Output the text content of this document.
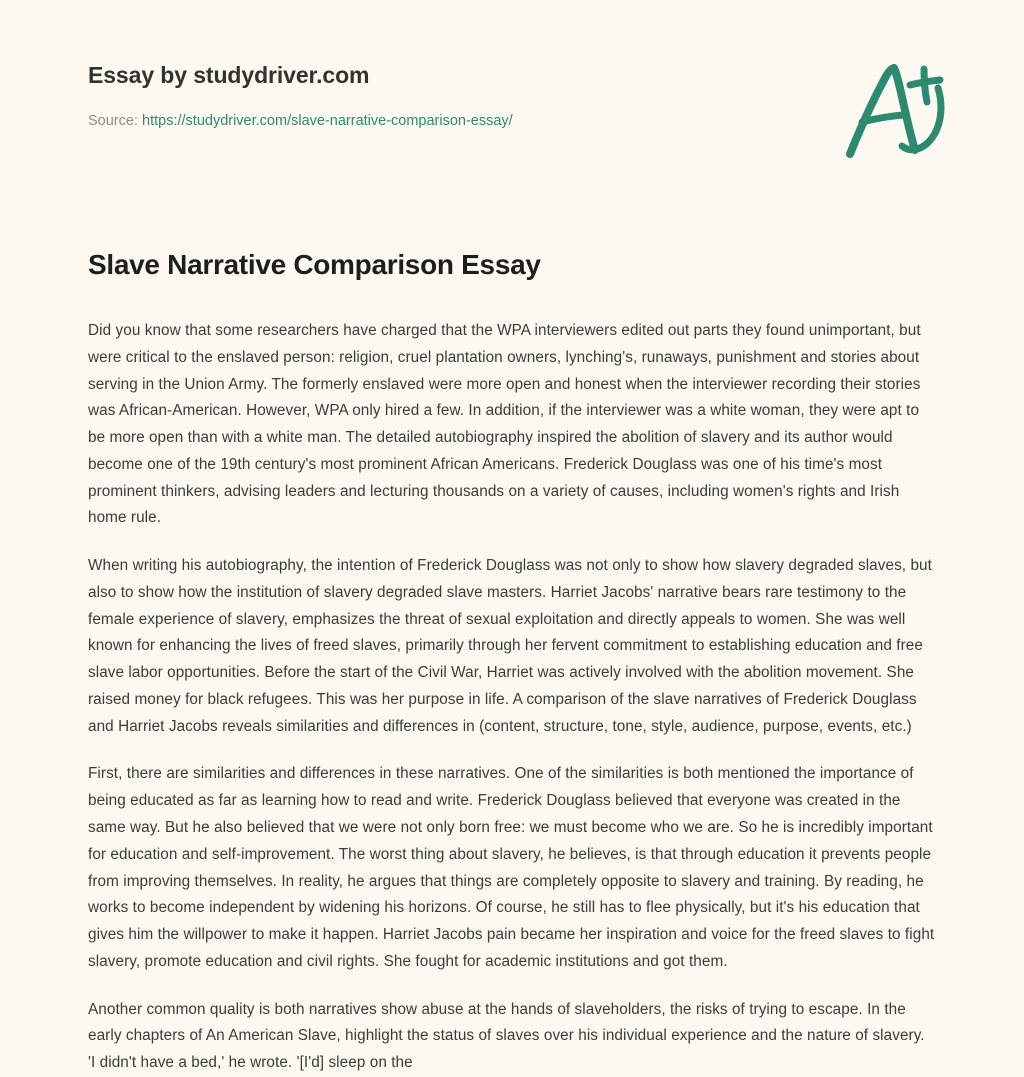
Essay by studydriver.com
Source: https://studydriver.com/slave-narrative-comparison-essay/
Slave Narrative Comparison Essay

Did you know that some researchers have charged that the WPA interviewers edited out parts they found unimportant, but were critical to the enslaved person: religion, cruel plantation owners, lynching's, runaways, punishment and stories about serving in the Union Army. The formerly enslaved were more open and honest when the interviewer recording their stories was African-American. However, WPA only hired a few. In addition, if the interviewer was a white woman, they were apt to be more open than with a white man. The detailed autobiography inspired the abolition of slavery and its author would become one of the 19th century's most prominent African Americans. Frederick Douglass was one of his time's most prominent thinkers, advising leaders and lecturing thousands on a variety of causes, including women's rights and Irish home rule.

When writing his autobiography, the intention of Frederick Douglass was not only to show how slavery degraded slaves, but also to show how the institution of slavery degraded slave masters. Harriet Jacobs' narrative bears rare testimony to the female experience of slavery, emphasizes the threat of sexual exploitation and directly appeals to women. She was well known for enhancing the lives of freed slaves, primarily through her fervent commitment to establishing education and free slave labor opportunities. Before the start of the Civil War, Harriet was actively involved with the abolition movement. She raised money for black refugees. This was her purpose in life. A comparison of the slave narratives of Frederick Douglass and Harriet Jacobs reveals similarities and differences in (content, structure, tone, style, audience, purpose, events, etc.)

First, there are similarities and differences in these narratives. One of the similarities is both mentioned the importance of being educated as far as learning how to read and write. Frederick Douglass believed that everyone was created in the same way. But he also believed that we were not only born free: we must become who we are. So he is incredibly important for education and self-improvement. The worst thing about slavery, he believes, is that through education it prevents people from improving themselves. In reality, he argues that things are completely opposite to slavery and training. By reading, he works to become independent by widening his horizons. Of course, he still has to flee physically, but it's his education that gives him the willpower to make it happen. Harriet Jacobs pain became her inspiration and voice for the freed slaves to fight slavery, promote education and civil rights. She fought for academic institutions and got them.

Another common quality is both narratives show abuse at the hands of slaveholders, the risks of trying to escape. In the early chapters of An American Slave, highlight the status of slaves over his individual experience and the nature of slavery. 'I didn't have a bed,' he wrote. '[I'd] sleep on the
